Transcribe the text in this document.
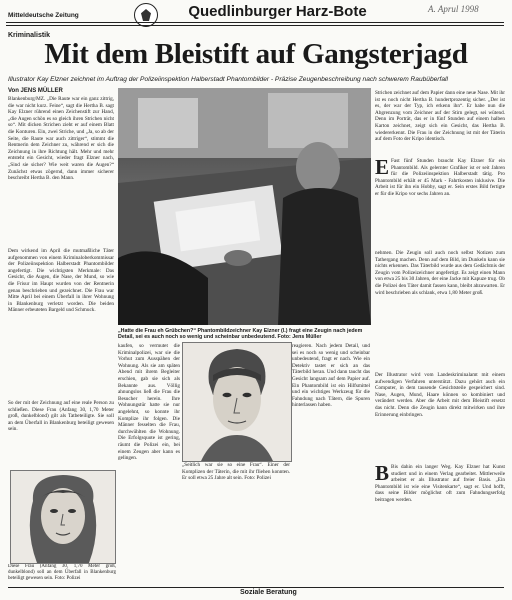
Mitteldeutsche Zeitung	Quedlinburger Harz-Bote	A. Aprul 1998
Kriminalistik
Mit dem Bleistift auf Gangsterjagd
Illustrator Kay Elzner zeichnet im Auftrag der Polizeiinspektion Halberstadt Phantombilder - Präzise Zeugenbeschreibung nach schwerem Raubüberfall
Von JENS MÜLLER
Blankenburg/MZ. „Die Raute war ein ganz zittrig, die war nicht kurz. Feine“, sagt die Hertha B. sagt Kay Elzner rührend einen Zeichenstift zur Hand, „die Augen schön es so gleich ihren Strichen nicht so“. Mit dicken Strichen zieht er auf einem Blatt die Konturen. Ein, zwei Striche, und „Ja, so ab der Seite, die Raute war auch zittriger“, stimmt die Rentnerin dem Zeichner zu, während er sich die Zeichnung in ihre Richtung hält. Mehr und mehr entsteht ein Gesicht, wieder fragt Elzner nach, „Sind sie sicher? Wie weit waren die Augen?“ Zunächst etwas zögernd, dann immer sicherer beschreibt Hertha B. den Mann.
Dem wirkend im April die mutmaßliche Täter aufgenommen von einem Kriminaloberkommissar der Polizeiinspektion Halberstadt Phantombilder angefertigt. Die wichtigsten Merkmale: Das Gesicht, die Augen, die Nase, der Mund, so wie die Frisur im Haupt wurden von der Rentnerin genau beschrieben und gezeichnet. Die Frau war Mitte April bei einem Überfall in ihrer Wohnung in Blankenburg verletzt worden. Die beiden Männer erbeuteten Bargeld und Schmuck.
So der mit der Zeichnung auf eine reale Person zu schließen. Diese Frau (Anfang 30, 1,70 Meter groß, dunkelblond) gilt als Tatbeteiligte. Sie soll an dem Überfall in Blankenburg beteiligt gewesen sein.
„Hatte die Frau eh Grübchen?“ Phantombildzeichner Kay Elzner (l.) fragt eine Zeugin nach jedem Detail, sei es auch noch so wenig und scheinbar unbedeutend. Foto: Jens Müller
kaufen, so vermutet die Kriminalpolizei, war sie die Vorhut zum Ausspähen der Wohnung. Als sie am späten Abend mit ihrem Begleiter erschien, gab sie sich als Bekannte aus. Völlig ahnungslos ließ die Frau die Besucher herein. Ihre Wohnungstür hatte sie nur angelehnt, so konnte ihr Komplize ihr folgen. Die Männer fesselten die Frau, durchwühlten die Wohnung. Die Erfolgsquote ist gering, räumt die Polizei ein, bei einem Zeugen aber kann es gelingen.
Diese Frau (Anfang 30, 1,70 Meter groß, dunkelblond) soll an dem Überfall in Blankenburg beteiligt gewesen sein. Foto: Polizei
„Seitlich war sie so eine Frau“. Einer der Komplizen der Täterin, die mit ihr fliehen konnten. Er soll etwa 25 Jahre alt sein. Foto: Polizei
reagieren. Nach jedem Detail, und sei es noch so wenig und scheinbar unbedeutend, fragt er nach. Wie ein Detektiv tastet er sich an das Täterbild heran. Und dann taucht das Gesicht langsam auf dem Papier auf. Ein Phantombild ist ein Hilfsmittel und ein wichtiges Werkzeug für die Fahndung nach Tätern, die Spuren hinterlassen haben.
Strichen zeichnet auf dem Papier dann eine neue Nase. Mit ihr ist es noch nicht Hertha B. hundertprozentig sicher. „Der ist es, der war der Typ, ich erkenn ihn“. Er habe nun die Abgrenzung vom Zeichner auf der Stirn gelegt, sei wütend. Denn im Porträt, das er in fünf Stunden auf einem halben Karton zeichnet, zeigt sich ein Gesicht, das Hertha B. wiedererkennt. Die Frau in der Zeichnung ist mit der Täterin auf dem Foto der Kripo identisch.
E Fast fünf Stunden braucht Kay Elzner für ein Phantombild. Als gelernter Grafiker ist er seit Jahren für die Polizeiinspektion Halberstadt tätig. Pro Phantombild erhält er 45 Mark - Fahrtkosten inklusive. Die Arbeit ist für ihn ein Hobby, sagt er. Sein erstes Bild fertigte er für die Kripo vor sechs Jahren an.
nehmen. Die Zeugin soll auch noch selbst Notizen zum Tathergang machen. Denn auf dem Bild, im Dunkeln kann sie nichts erkennen. Das Täterbild wurde aus dem Gedächtnis der Zeugin vom Polizeizeichner angefertigt. Es zeigt einen Mann von etwa 25 bis 30 Jahren, der eine Jacke mit Kapuze trug. Ob die Polizei den Täter damit fassen kann, bleibt abzuwarten. Er wird beschrieben als schlank, etwa 1,80 Meter groß.
Der Illustrator wird vom Landeskriminalamt mit einem aufwendigen Verfahren unterstützt. Dazu gehört auch ein Computer, in dem tausende Gesichtsteile gespeichert sind. Nase, Augen, Mund, Haare können so kombiniert und verändert werden. Aber die Arbeit mit dem Bleistift ersetzt das nicht. Denn die Zeugin kann direkt mitwirken und ihre Erinnerung einbringen.
B Bis dahin ein langer Weg. Kay Elzner hat Kunst studiert und in einem Verlag gearbeitet. Mittlerweile arbeitet er als Illustrator auf freier Basis. „Ein Phantombild ist wie eine Visitenkarte“, sagt er. Und hofft, dass seine Bilder möglichst oft zum Fahndungserfolg beitragen werden.
Soziale Beratung
